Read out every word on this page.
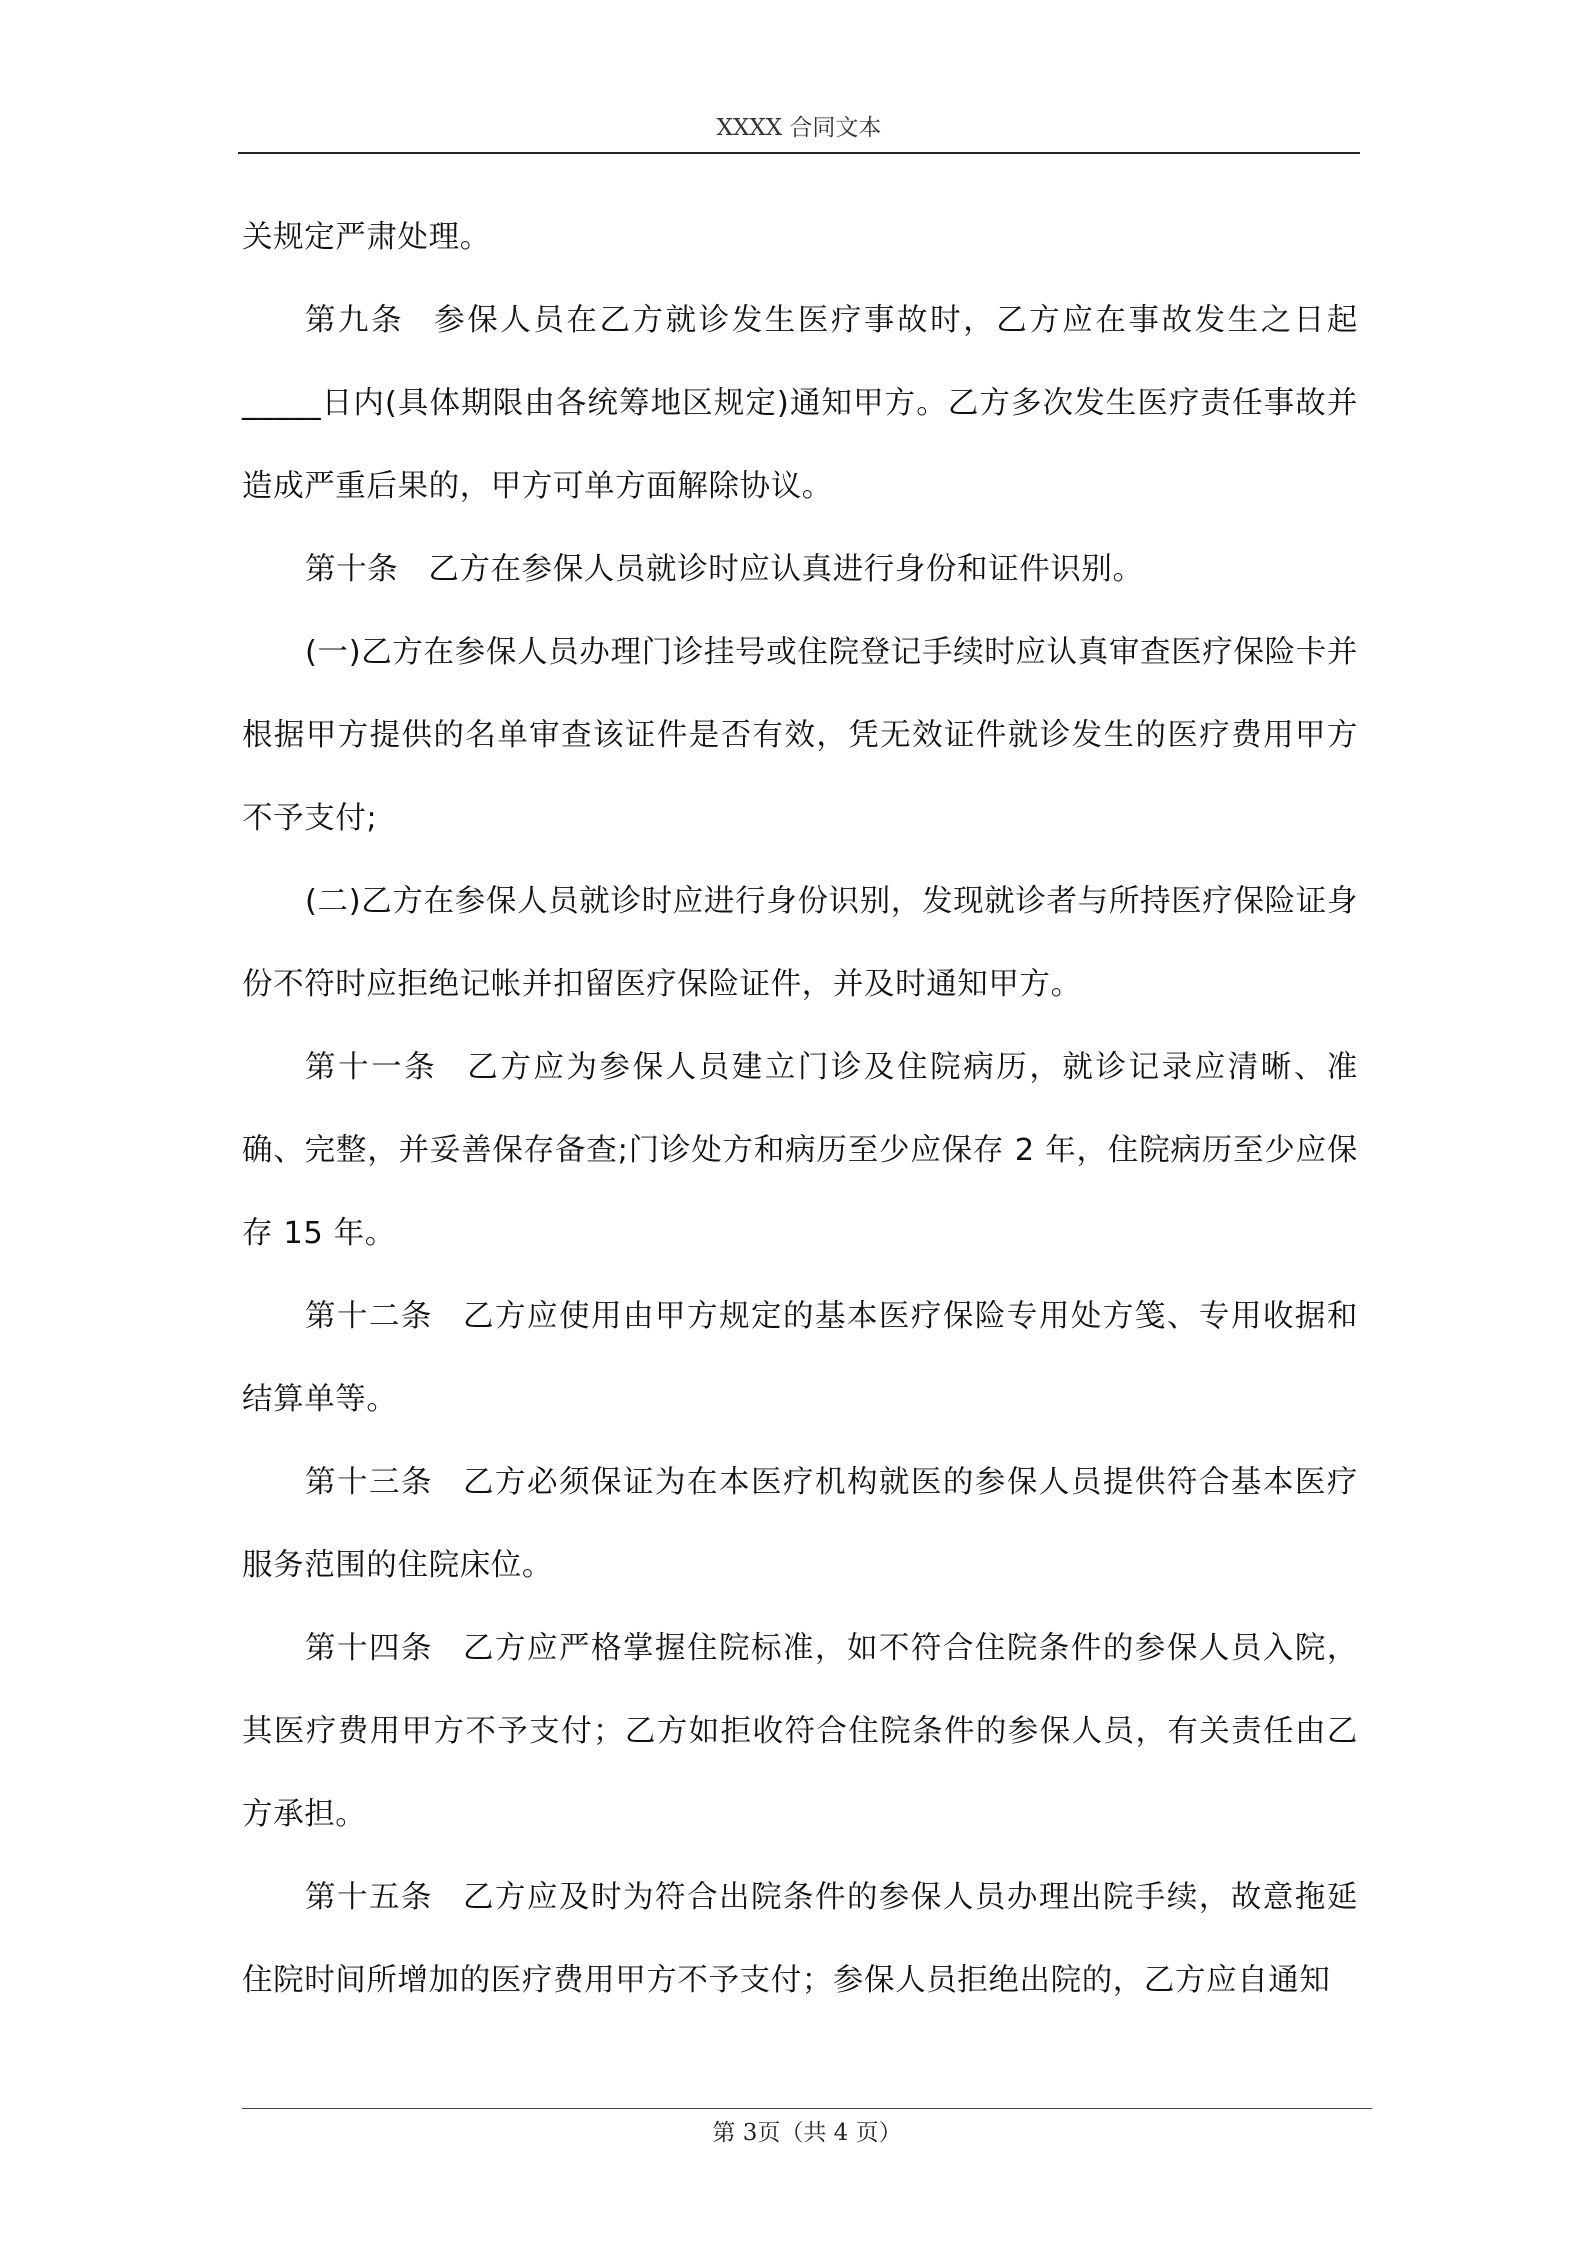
XXXX 合同文本

关规定严肃处理。

第九条 参保人员在乙方就诊发生医疗事故时，乙方应在事故发生之日起_____日内(具体期限由各统筹地区规定)通知甲方。乙方多次发生医疗责任事故并造成严重后果的，甲方可单方面解除协议。

第十条 乙方在参保人员就诊时应认真进行身份和证件识别。

(一)乙方在参保人员办理门诊挂号或住院登记手续时应认真审查医疗保险卡并根据甲方提供的名单审查该证件是否有效，凭无效证件就诊发生的医疗费用甲方不予支付;

(二)乙方在参保人员就诊时应进行身份识别，发现就诊者与所持医疗保险证身份不符时应拒绝记帐并扣留医疗保险证件，并及时通知甲方。

第十一条 乙方应为参保人员建立门诊及住院病历，就诊记录应清晰、准确、完整，并妥善保存备查;门诊处方和病历至少应保存 2 年，住院病历至少应保存 15 年。

第十二条 乙方应使用由甲方规定的基本医疗保险专用处方笺、专用收据和结算单等。

第十三条 乙方必须保证为在本医疗机构就医的参保人员提供符合基本医疗服务范围的住院床位。

第十四条 乙方应严格掌握住院标准，如不符合住院条件的参保人员入院，其医疗费用甲方不予支付；乙方如拒收符合住院条件的参保人员，有关责任由乙方承担。

第十五条 乙方应及时为符合出院条件的参保人员办理出院手续，故意拖延住院时间所增加的医疗费用甲方不予支付；参保人员拒绝出院的，乙方应自通知

第 3页（共 4 页）
